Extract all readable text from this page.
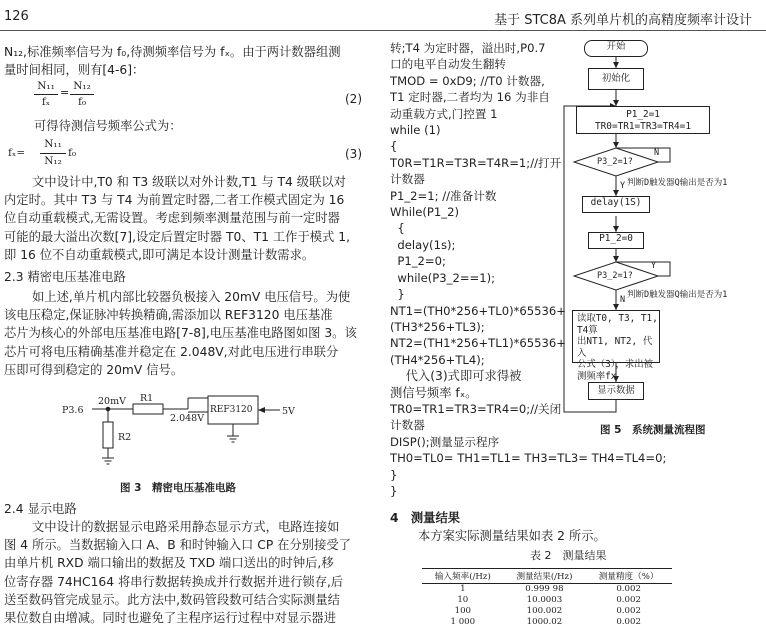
126	基于 STC8A 系列单片机的高精度频率计设计
N₁₂,标准频率信号为 f₀,待测频率信号为 fₓ。由于两计数器组测
量时间相同，则有[4-6]：
N₁₁
fₓ
= N₁₂
f₀	(2)
可得待测信号频率公式为：
fₓ=
N₁₁
N₁₂
f₀	(3)
文中设计中,T0 和 T3 级联以对外计数,T1 与 T4 级联以对
内定时。其中 T3 与 T4 为前置定时器,二者工作模式固定为 16
位自动重载模式,无需设置。考虑到频率测量范围与前一定时器
可能的最大溢出次数[7],设定后置定时器 T0、T1 工作于模式 1,
即 16 位不自动重载模式,即可满足本设计测量计数需求。
2.3 精密电压基准电路
如上述,单片机内部比较器负极接入 20mV 电压信号。为使
该电压稳定,保证脉冲转换精确,需添加以 REF3120 电压基准
芯片为核心的外部电压基准电路[7-8],电压基准电路图如图 3。该
芯片可将电压精确基准并稳定在 2.048V,对此电压进行串联分
压即可得到稳定的 20mV 信号。
P3.6
20mV R1
R2
2.048V
REF3120	5V
图 3　精密电压基准电路
2.4 显示电路
文中设计的数据显示电路采用静态显示方式，电路连接如
图 4 所示。当数据输入口 A、B 和时钟输入口 CP 在分别接受了
由单片机 RXD 端口输出的数据及 TXD 端口送出的时钟后,移
位寄存器 74HC164 将串行数据转换成并行数据并进行锁存,后
送至数码管完成显示。此方法中,数码管段数可结合实际测量结
果位数自由增减。同时也避免了主程序运行过程中对显示器进
转;T4 为定时器，溢出时,P0.7
口的电平自动发生翻转
TMOD = 0xD9; //T0 计数器,
T1 定时器,二者均为 16 为非自
动重载方式,门控置 1
while (1)
{
T0R=T1R=T3R=T4R=1;//打开
计数器
P1_2=1; //准备计数
While(P1_2)
{
delay(1s);
P1_2=0;
while(P3_2==1);
}
NT1=(TH0*256+TL0)*65536+
(TH3*256+TL3);
NT2=(TH1*256+TL1)*65536+
(TH4*256+TL4);
代入(3)式即可求得被
测信号频率 fₓ。
TR0=TR1=TR3=TR4=0;//关闭
计数器
DISP();测量显示程序
TH0=TL0= TH1=TL1= TH3=TL3= TH4=TL4=0;
}
}
4　测量结果
本方案实际测量结果如表 2 所示。
表 2　测量结果
输入频率(/Hz)	测量结果(/Hz)	测量精度（%）
1	0.999 98	0.002
10	10.0003	0.002
100	100.002	0.002
1 000	1000.02	0.002
开始
初始化
P1_2=1
TR0=TR1=TR3=TR4=1
P3_2=1?
N
Y 判断D触发器Q输出是否为1
delay(1S)
P1_2=0
P3_2=1?
Y
N 判断D触发器Q输出是否为1
读取T0, T3, T1, T4算
出NT1, NT2, 代入
公式（3），求出被
测频率fx
显示数据
图 5　系统测量流程图
